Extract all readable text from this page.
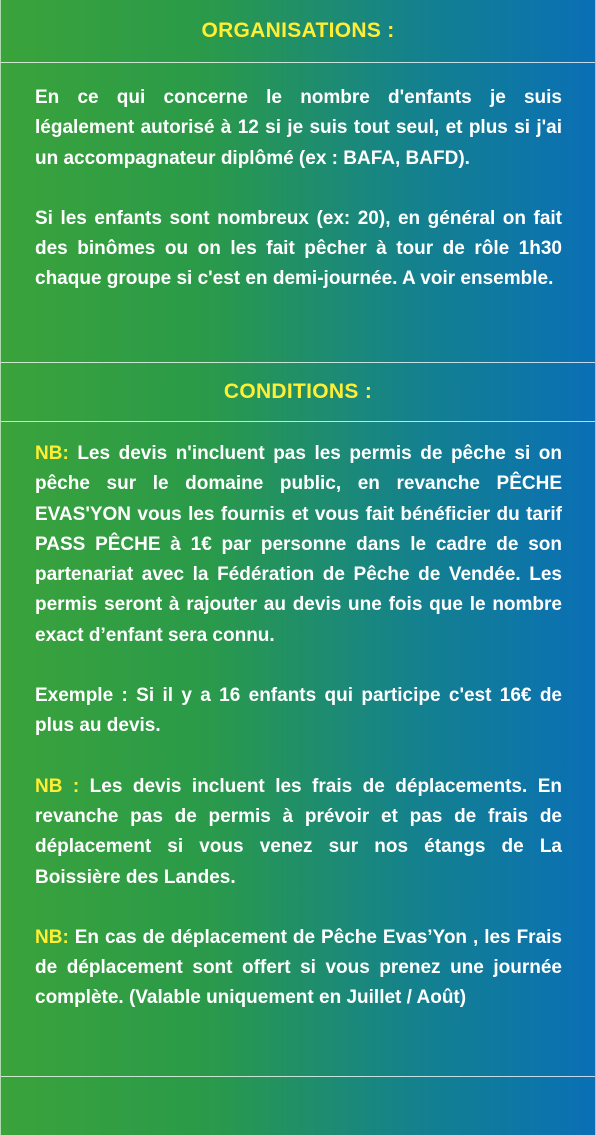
ORGANISATIONS :

En ce qui concerne le nombre d'enfants je suis légalement autorisé à 12 si je suis tout seul, et plus si j'ai un accompagnateur diplômé (ex : BAFA, BAFD).

Si les enfants sont nombreux (ex: 20), en général on fait des binômes ou on les fait pêcher à tour de rôle 1h30 chaque groupe si c'est en demi-journée. A voir ensemble.

CONDITIONS :

NB: Les devis n'incluent pas les permis de pêche si on pêche sur le domaine public, en revanche PÊCHE EVAS'YON vous les fournis et vous fait bénéficier du tarif PASS PÊCHE à 1€ par personne dans le cadre de son partenariat avec la Fédération de Pêche de Vendée. Les permis seront à rajouter au devis une fois que le nombre exact d’enfant sera connu.

Exemple : Si il y a 16 enfants qui participe c'est 16€ de plus au devis.

NB : Les devis incluent les frais de déplacements. En revanche pas de permis à prévoir et pas de frais de déplacement si vous venez sur nos étangs de La Boissière des Landes.

NB: En cas de déplacement de Pêche Evas’Yon , les Frais de déplacement sont offert si vous prenez une journée complète. (Valable uniquement en Juillet / Août)
